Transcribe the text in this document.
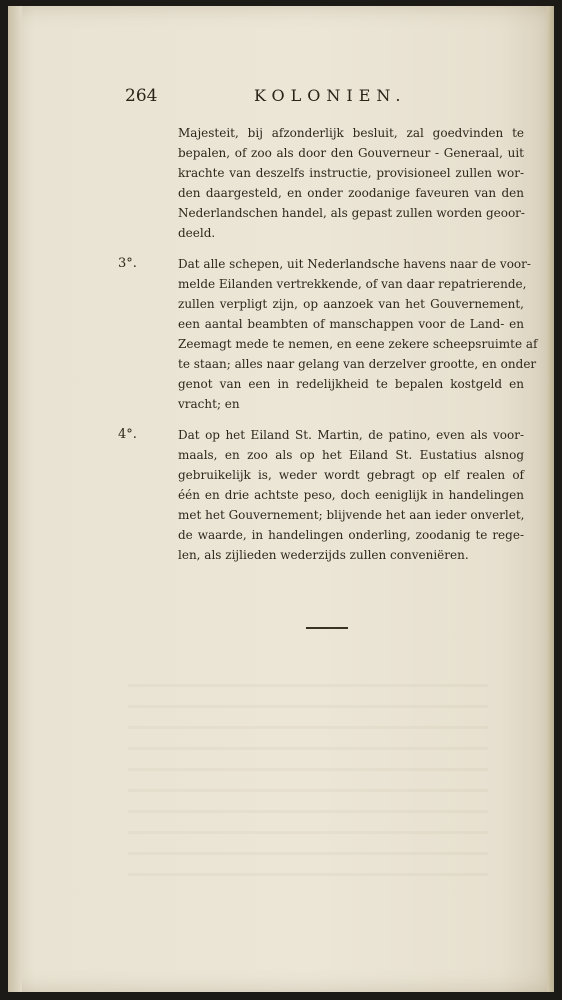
264	KOLONIEN.
Majesteit, bij afzonderlijk besluit, zal goedvinden te
bepalen, of zoo als door den Gouverneur - Generaal, uit
krachte van deszelfs instructie, provisioneel zullen wor-
den daargesteld, en onder zoodanige faveuren van den
Nederlandschen handel, als gepast zullen worden geoor-
deeld.
3°.	Dat alle schepen, uit Nederlandsche havens naar de voor-
melde Eilanden vertrekkende, of van daar repatrierende,
zullen verpligt zijn, op aanzoek van het Gouvernement,
een aantal beambten of manschappen voor de Land- en
Zeemagt mede te nemen, en eene zekere scheepsruimte af
te staan; alles naar gelang van derzelver grootte, en onder
genot van een in redelijkheid te bepalen kostgeld en
vracht; en
4°.	Dat op het Eiland St. Martin, de patino, even als voor-
maals, en zoo als op het Eiland St. Eustatius alsnog
gebruikelijk is, weder wordt gebragt op elf realen of
één en drie achtste peso, doch eeniglijk in handelingen
met het Gouvernement; blijvende het aan ieder onverlet,
de waarde, in handelingen onderling, zoodanig te rege-
len, als zijlieden wederzijds zullen conveniëren.
